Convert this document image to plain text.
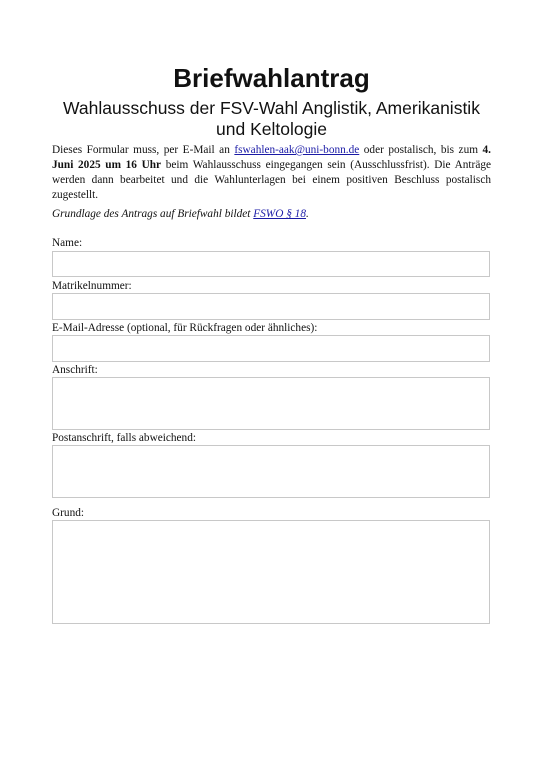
Briefwahlantrag
Wahlausschuss der FSV-Wahl Anglistik, Amerikanistik und Keltologie

Dieses Formular muss, per E-Mail an fswahlen-aak@uni-bonn.de oder postalisch, bis zum 4. Juni 2025 um 16 Uhr beim Wahlausschuss eingegangen sein (Ausschlussfrist). Die Anträge werden dann bearbeitet und die Wahlunterlagen bei einem positiven Beschluss postalisch zugestellt.

Grundlage des Antrags auf Briefwahl bildet FSWO § 18.

Name:
Matrikelnummer:
E-Mail-Adresse (optional, für Rückfragen oder ähnliches):
Anschrift:
Postanschrift, falls abweichend:
Grund:
